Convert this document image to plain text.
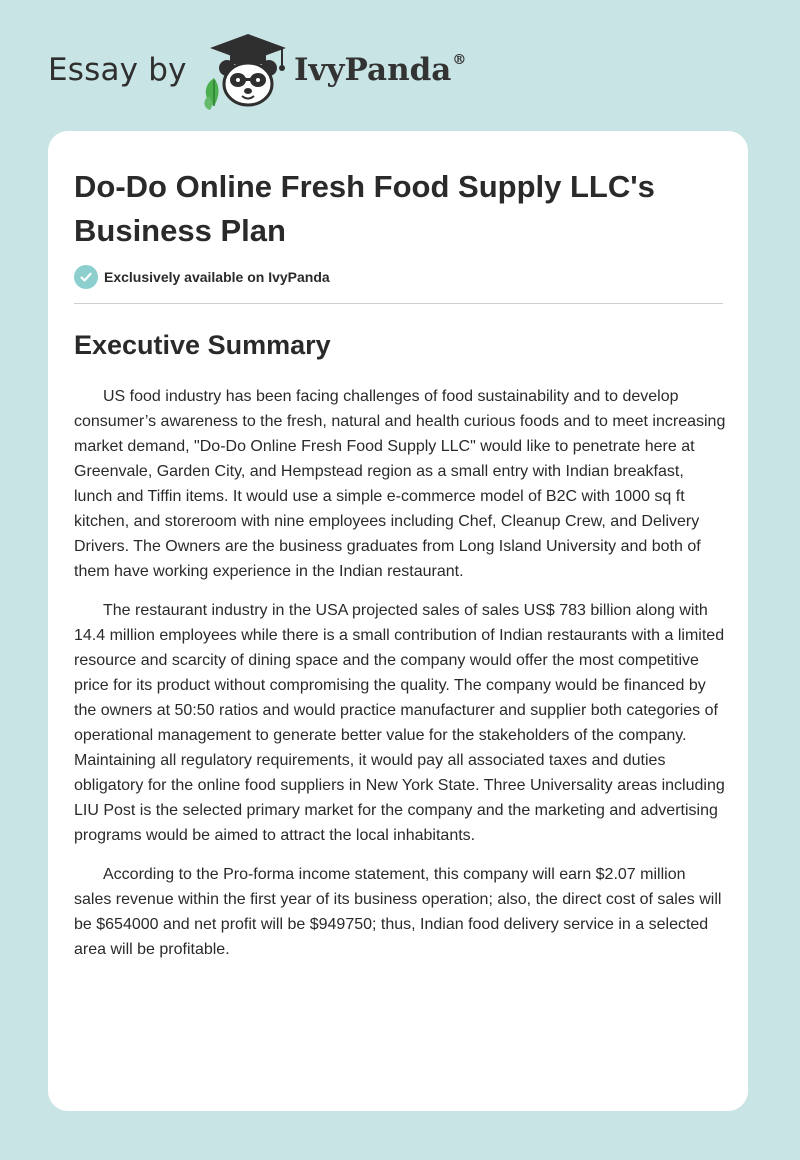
Essay by	IvyPanda®
Do-Do Online Fresh Food Supply LLC's Business Plan
Exclusively available on IvyPanda
Executive Summary

US food industry has been facing challenges of food sustainability and to develop consumer’s awareness to the fresh, natural and health curious foods and to meet increasing market demand, "Do-Do Online Fresh Food Supply LLC" would like to penetrate here at Greenvale, Garden City, and Hempstead region as a small entry with Indian breakfast, lunch and Tiffin items. It would use a simple e-commerce model of B2C with 1000 sq ft kitchen, and storeroom with nine employees including Chef, Cleanup Crew, and Delivery Drivers. The Owners are the business graduates from Long Island University and both of them have working experience in the Indian restaurant.

The restaurant industry in the USA projected sales of sales US$ 783 billion along with 14.4 million employees while there is a small contribution of Indian restaurants with a limited resource and scarcity of dining space and the company would offer the most competitive price for its product without compromising the quality. The company would be financed by the owners at 50:50 ratios and would practice manufacturer and supplier both categories of operational management to generate better value for the stakeholders of the company. Maintaining all regulatory requirements, it would pay all associated taxes and duties obligatory for the online food suppliers in New York State. Three Universality areas including LIU Post is the selected primary market for the company and the marketing and advertising programs would be aimed to attract the local inhabitants.

According to the Pro-forma income statement, this company will earn $2.07 million sales revenue within the first year of its business operation; also, the direct cost of sales will be $654000 and net profit will be $949750; thus, Indian food delivery service in a selected area will be profitable.
